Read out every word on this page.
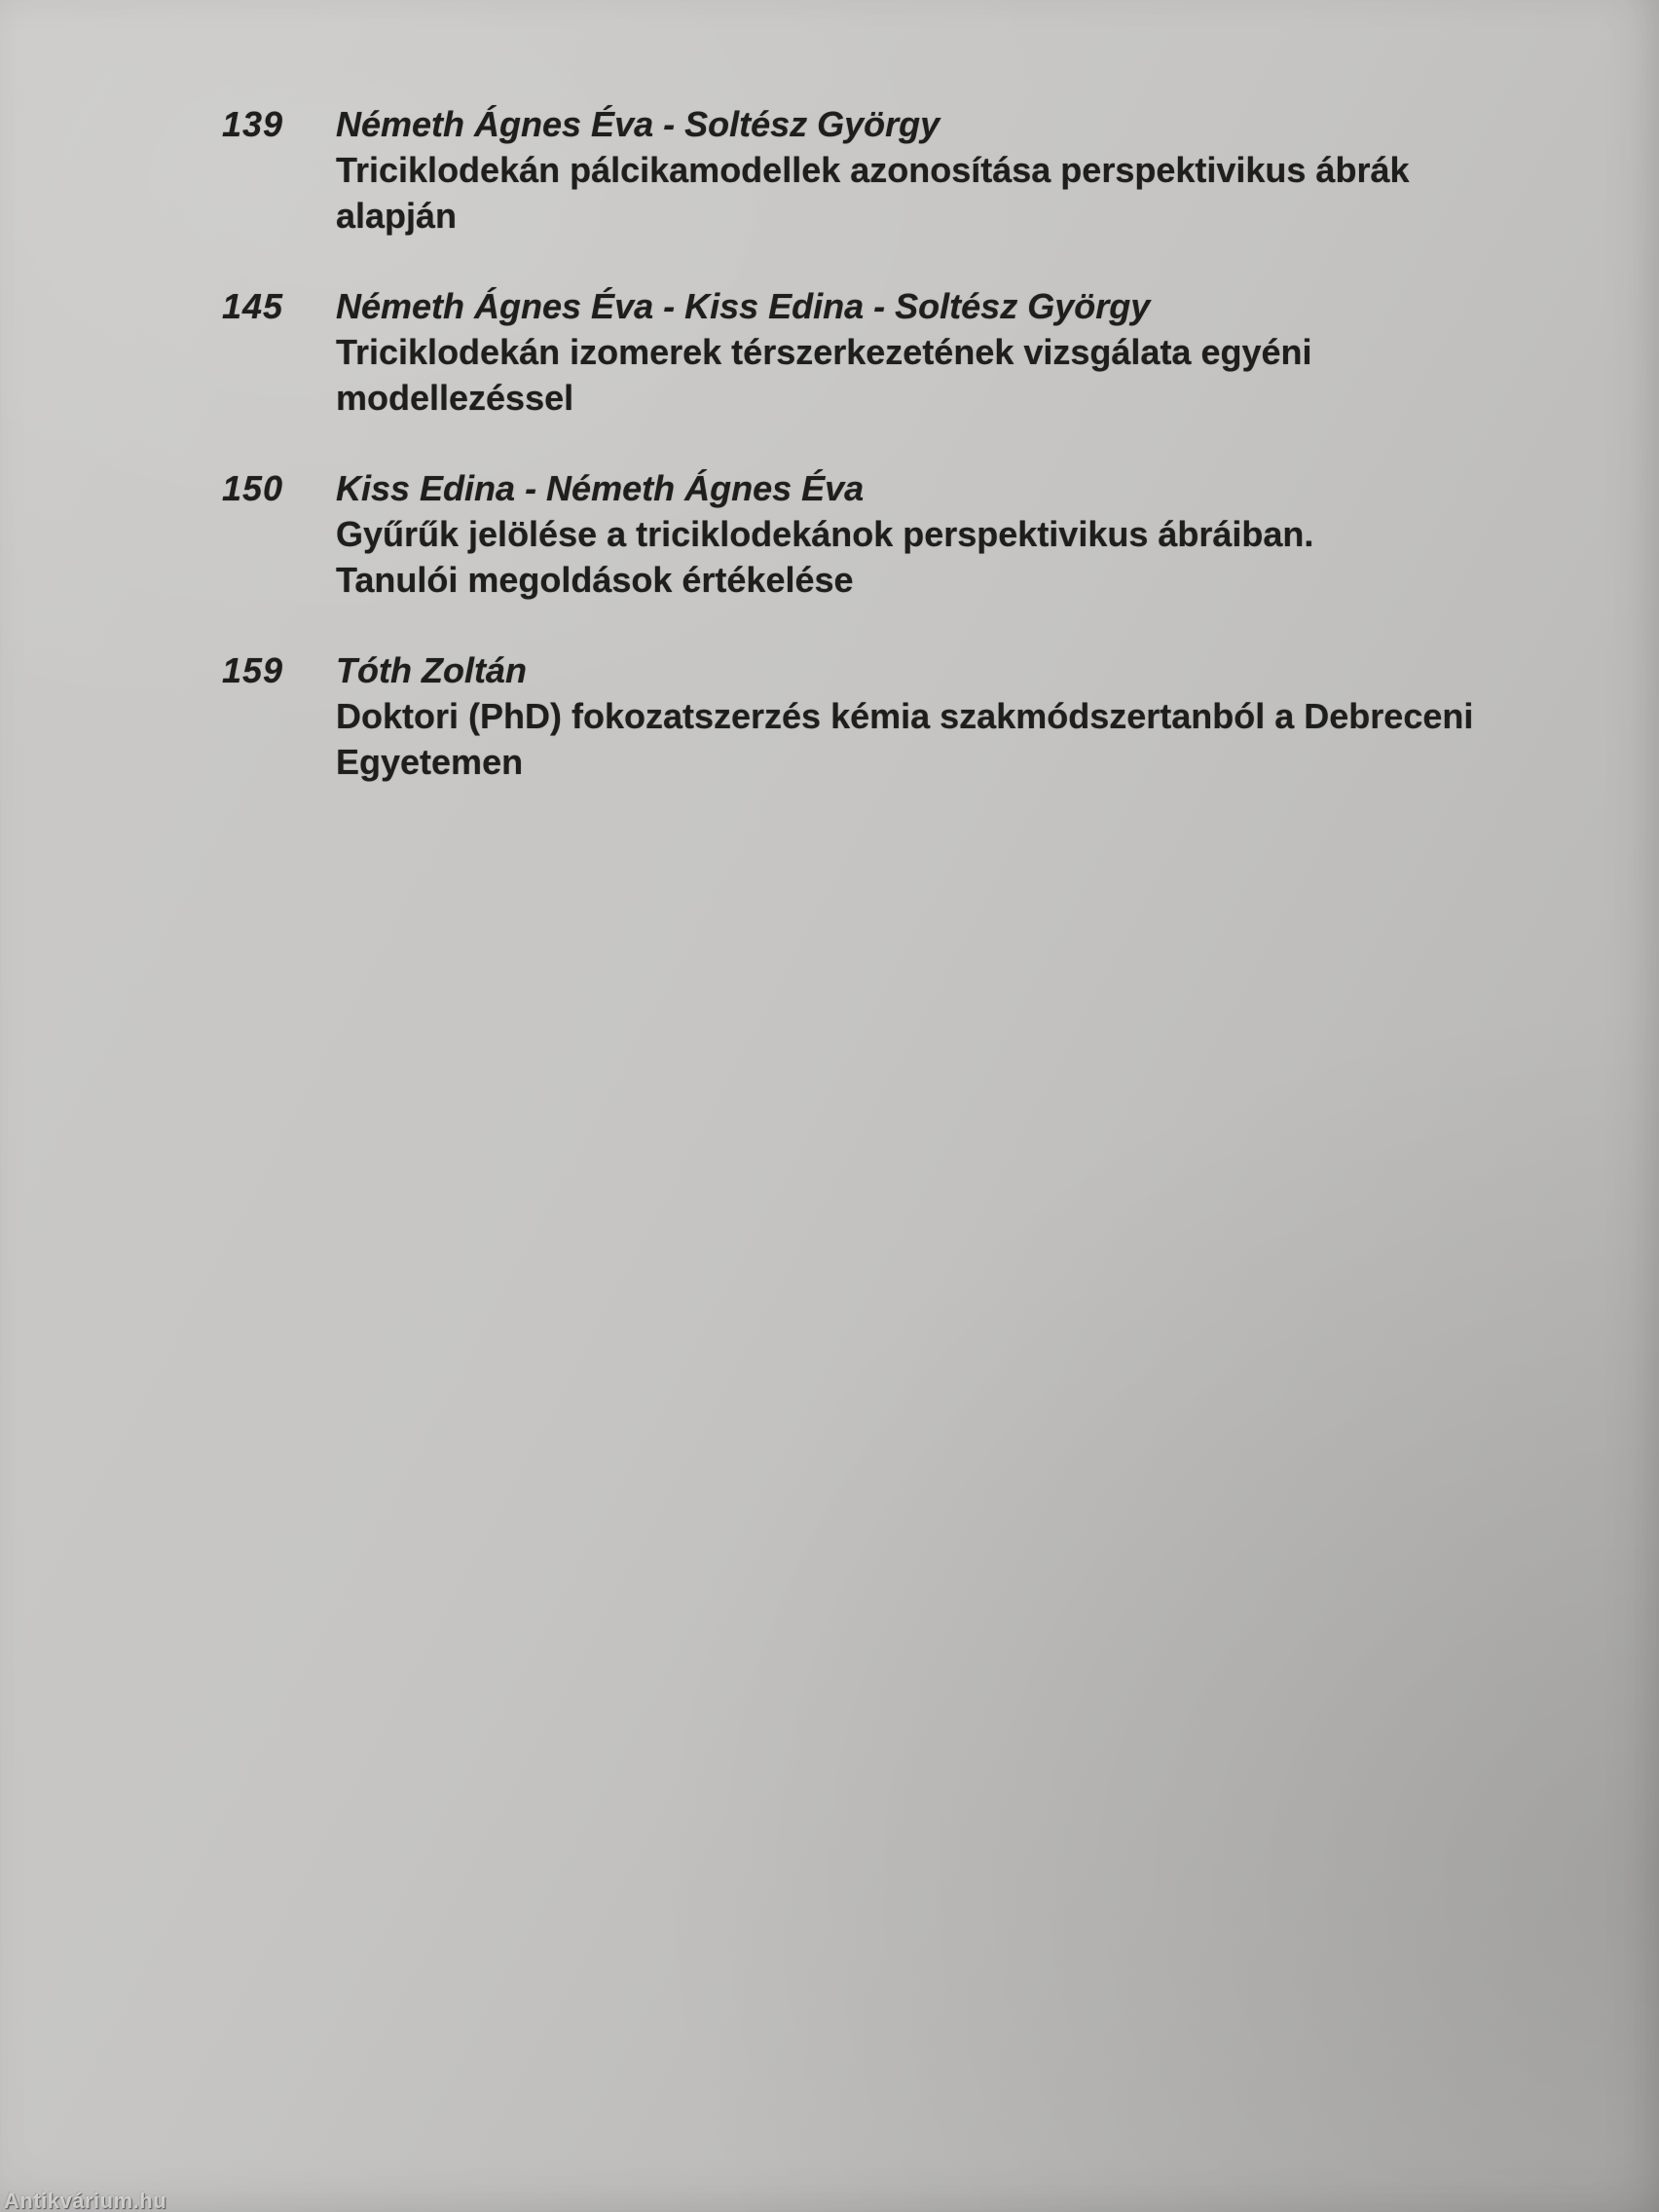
139	Németh Ágnes Éva - Soltész György
Triciklodekán pálcikamodellek azonosítása perspektivikus ábrák
alapján
145	Németh Ágnes Éva - Kiss Edina - Soltész György
Triciklodekán izomerek térszerkezetének vizsgálata egyéni
modellezéssel
150	Kiss Edina - Németh Ágnes Éva
Gyűrűk jelölése a triciklodekánok perspektivikus ábráiban.
Tanulói megoldások értékelése
159	Tóth Zoltán
Doktori (PhD) fokozatszerzés kémia szakmódszertanból a Debreceni
Egyetemen
Antikvárium.hu
